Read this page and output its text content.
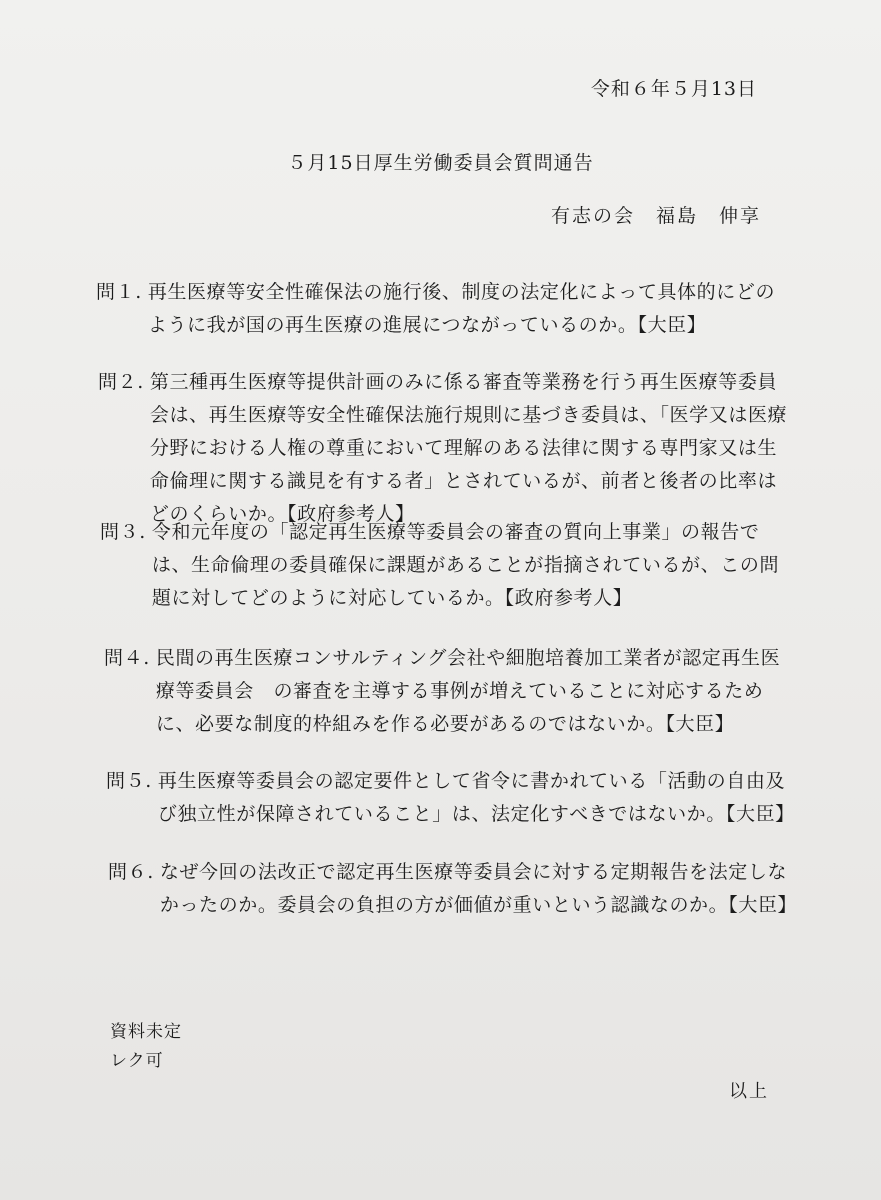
令和６年５月13日
５月15日厚生労働委員会質問通告
有志の会　福島　伸享
問１. 再生医療等安全性確保法の施行後、制度の法定化によって具体的にどのように我が国の再生医療の進展につながっているのか。【大臣】
問２. 第三種再生医療等提供計画のみに係る審査等業務を行う再生医療等委員会は、再生医療等安全性確保法施行規則に基づき委員は、「医学又は医療分野における人権の尊重において理解のある法律に関する専門家又は生命倫理に関する識見を有する者」とされているが、前者と後者の比率はどのくらいか。【政府参考人】
問３. 令和元年度の「認定再生医療等委員会の審査の質向上事業」の報告では、生命倫理の委員確保に課題があることが指摘されているが、この問題に対してどのように対応しているか。【政府参考人】
問４. 民間の再生医療コンサルティング会社や細胞培養加工業者が認定再生医療等委員会　の審査を主導する事例が増えていることに対応するために、必要な制度的枠組みを作る必要があるのではないか。【大臣】
問５. 再生医療等委員会の認定要件として省令に書かれている「活動の自由及び独立性が保障されていること」は、法定化すべきではないか。【大臣】
問６. なぜ今回の法改正で認定再生医療等委員会に対する定期報告を法定しなかったのか。委員会の負担の方が価値が重いという認識なのか。【大臣】
資料未定
レク可
以上
